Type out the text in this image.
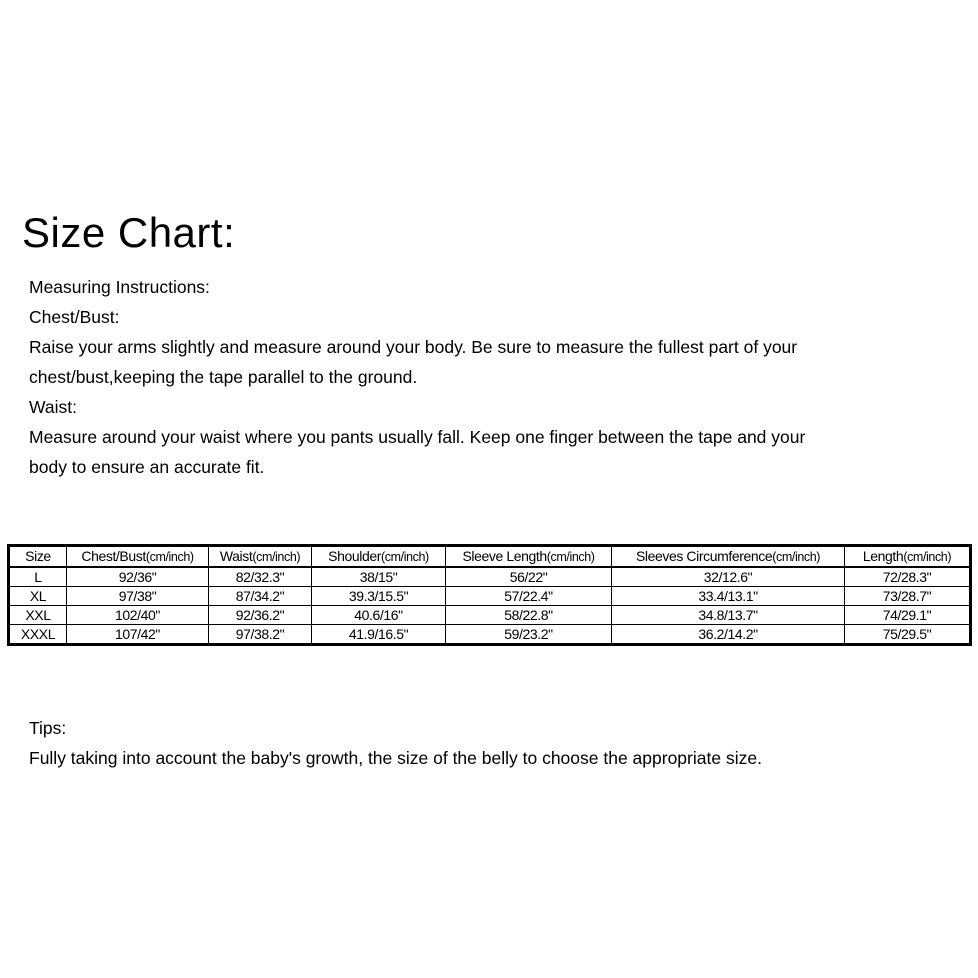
Size Chart:

Measuring Instructions:

Chest/Bust:

Raise your arms slightly and measure around your body. Be sure to measure the fullest part of your

chest/bust,keeping the tape parallel to the ground.

Waist:

Measure around your waist where you pants usually fall. Keep one finger between the tape and your

body to ensure an accurate fit.

Size	Chest/Bust(cm/inch)	Waist(cm/inch)	Shoulder(cm/inch)	Sleeve Length(cm/inch)	Sleeves Circumference(cm/inch)	Length(cm/inch)
L	92/36"	82/32.3"	38/15"	56/22"	32/12.6"	72/28.3"
XL	97/38"	87/34.2"	39.3/15.5"	57/22.4"	33.4/13.1"	73/28.7"
XXL	102/40"	92/36.2"	40.6/16"	58/22.8"	34.8/13.7"	74/29.1"
XXXL	107/42"	97/38.2"	41.9/16.5"	59/23.2"	36.2/14.2"	75/29.5"

Tips:

Fully taking into account the baby's growth, the size of the belly to choose the appropriate size.
